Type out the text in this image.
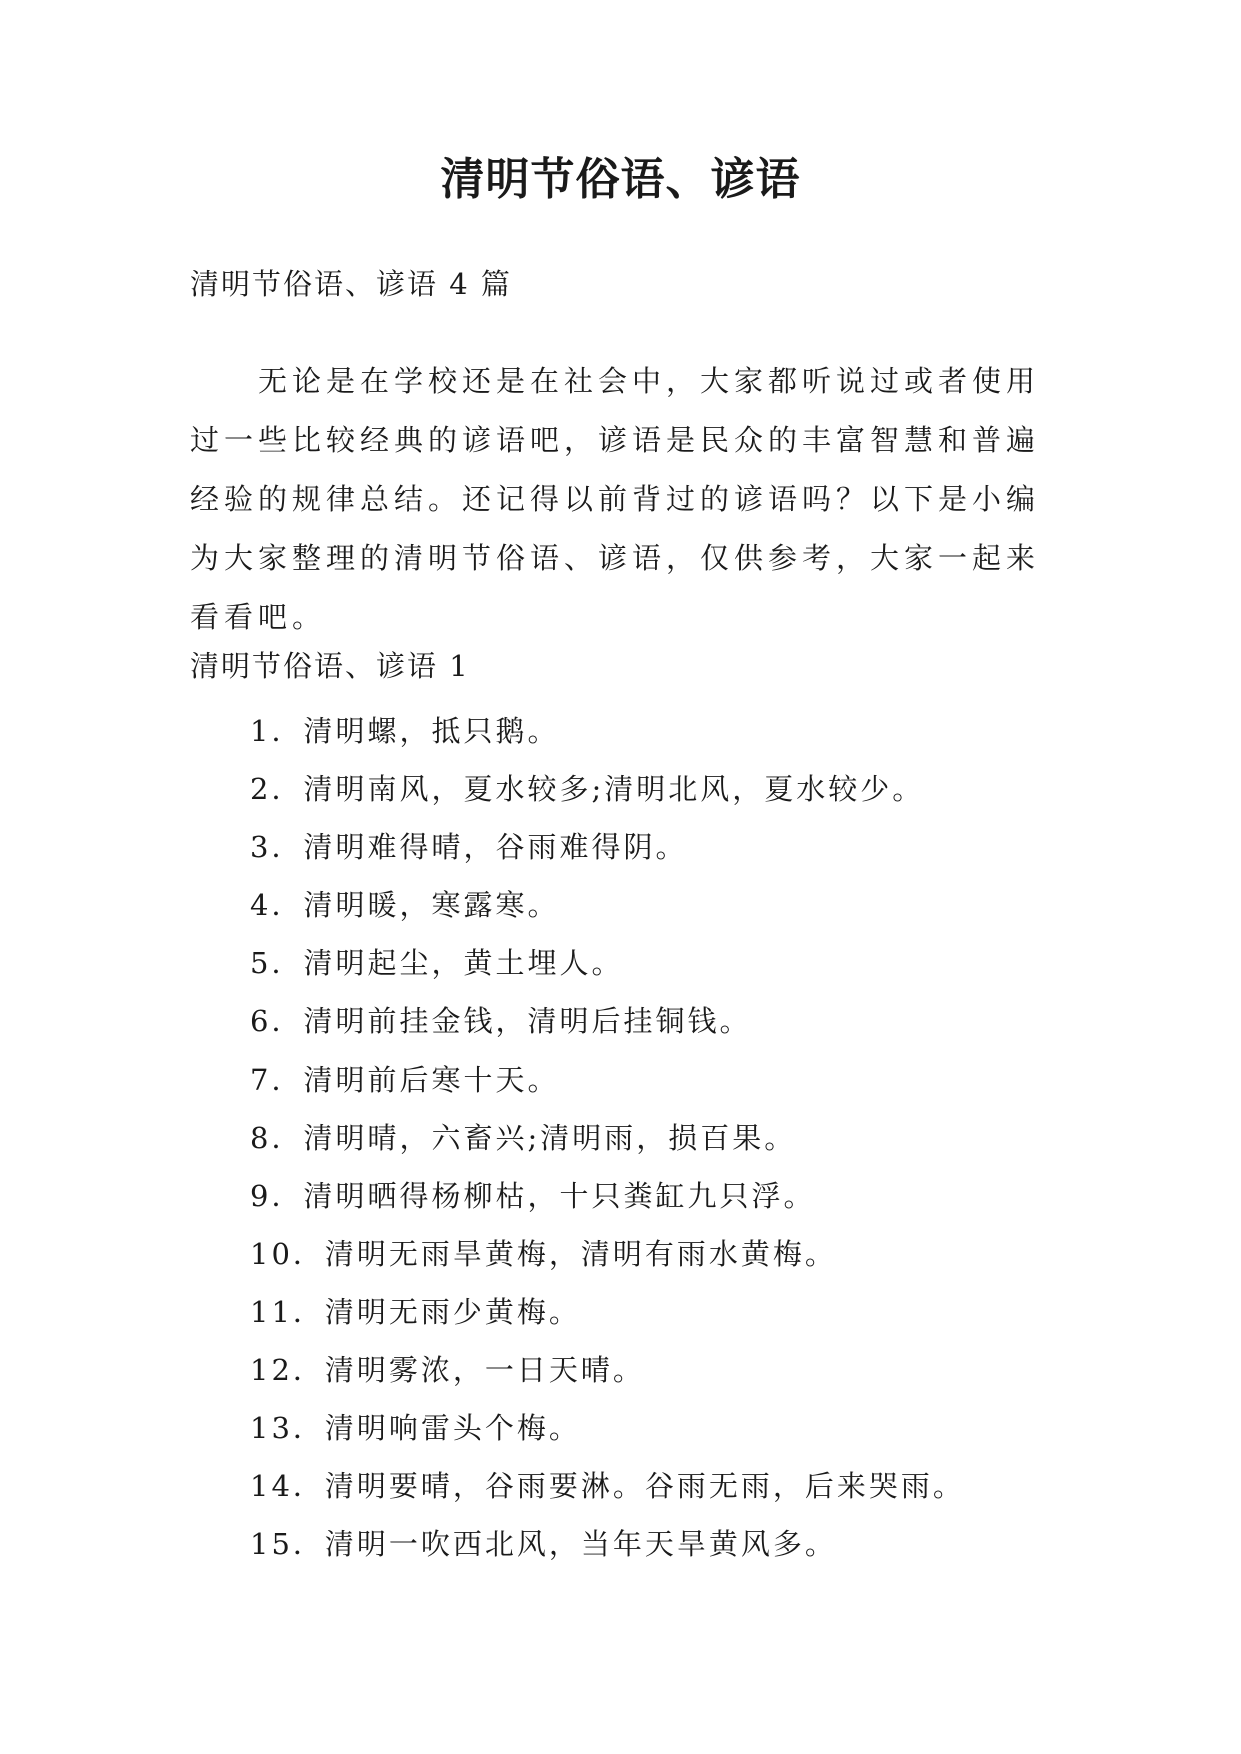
清明节俗语、谚语
清明节俗语、谚语 4 篇

无论是在学校还是在社会中，大家都听说过或者使用过一些比较经典的谚语吧，谚语是民众的丰富智慧和普遍经验的规律总结。还记得以前背过的谚语吗？以下是小编为大家整理的清明节俗语、谚语，仅供参考，大家一起来看看吧。

清明节俗语、谚语 1
1．清明螺，抵只鹅。
2．清明南风，夏水较多;清明北风，夏水较少。
3．清明难得晴，谷雨难得阴。
4．清明暖，寒露寒。
5．清明起尘，黄土埋人。
6．清明前挂金钱，清明后挂铜钱。
7．清明前后寒十天。
8．清明晴，六畜兴;清明雨，损百果。
9．清明晒得杨柳枯，十只粪缸九只浮。
10．清明无雨旱黄梅，清明有雨水黄梅。
11．清明无雨少黄梅。
12．清明雾浓，一日天晴。
13．清明响雷头个梅。
14．清明要晴，谷雨要淋。谷雨无雨，后来哭雨。
15．清明一吹西北风，当年天旱黄风多。
